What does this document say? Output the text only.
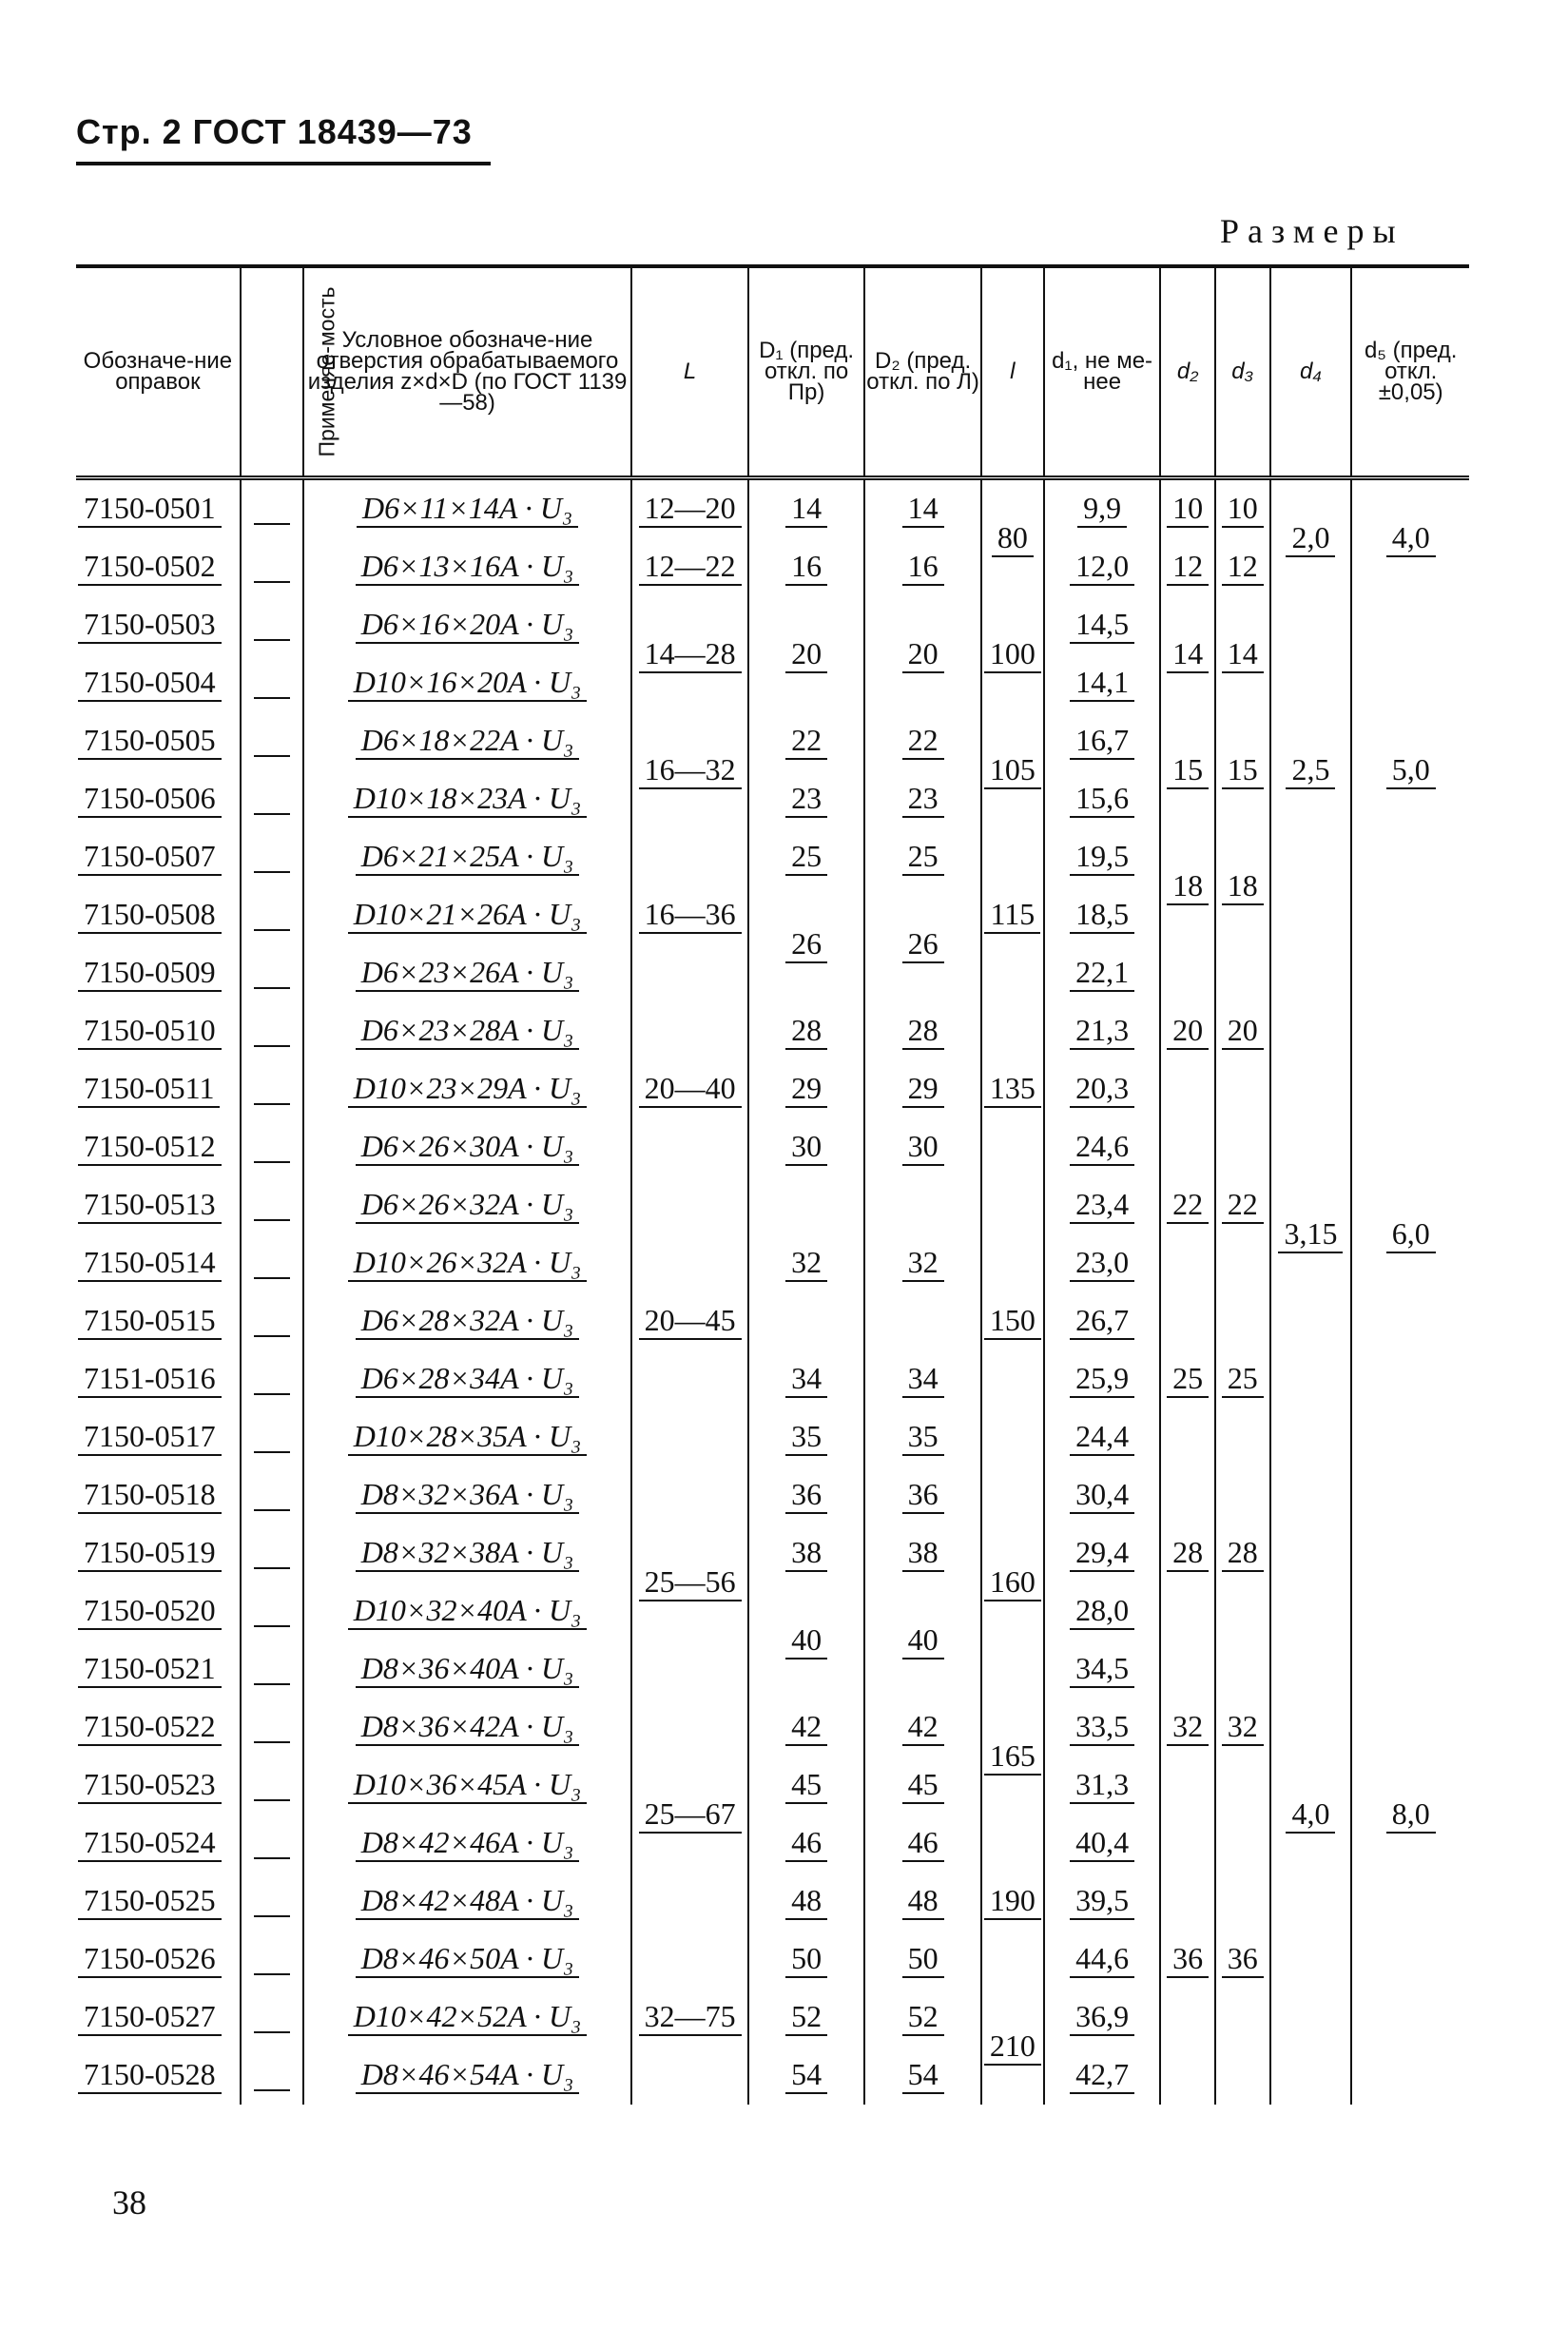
Стр. 2 ГОСТ 18439—73
Размеры
Обозначе-ние оправок	Применяе-мость	Условное обозначе-ние отверстия обрабатываемого изделия z×d×D (по ГОСТ 1139—58)	L	D₁ (пред. откл. по Пр)	D₂ (пред. откл. по Л)	l	d₁, не ме-нее	d₂	d₃	d₄	d₅ (пред. откл. ±0,05)
7150-0501		D6×11×14A · U₃	12—20	14	14	80	9,9	10	10	2,0	4,0
7150-0502		D6×13×16A · U₃	12—22	16	16		12,0	12	12		
7150-0503		D6×16×20A · U₃	14—28	20	20	100	14,5	14	14	2,5	5,0
7150-0504		D10×16×20A · U₃					14,1				
7150-0505		D6×18×22A · U₃	16—32	22	22	105	16,7	15	15		
7150-0506		D10×18×23A · U₃		23	23		15,6				
7150-0507		D6×21×25A · U₃	16—36	25	25	115	19,5	18	18		
7150-0508		D10×21×26A · U₃		26	26		18,5				
7150-0509		D6×23×26A · U₃					22,1	20	20	3,15	6,0
7150-0510		D6×23×28A · U₃	20—40	28	28	135	21,3				
7150-0511		D10×23×29A · U₃		29	29		20,3				
7150-0512		D6×26×30A · U₃		30	30		24,6	22	22		
7150-0513		D6×26×32A · U₃	20—45	32	32	150	23,4				
7150-0514		D10×26×32A · U₃					23,0				
7150-0515		D6×28×32A · U₃					26,7	25	25		
7151-0516		D6×28×34A · U₃		34	34		25,9				
7150-0517		D10×28×35A · U₃		35	35		24,4				
7150-0518		D8×32×36A · U₃	25—56	36	36	160	30,4	28	28		
7150-0519		D8×32×38A · U₃		38	38		29,4			4,0	8,0
7150-0520		D10×32×40A · U₃		40	40		28,0				
7150-0521		D8×36×40A · U₃					34,5	32	32		
7150-0522		D8×36×42A · U₃	25—67	42	42	165	33,5				
7150-0523		D10×36×45A · U₃		45	45		31,3				
7150-0524		D8×42×46A · U₃		46	46	190	40,4	36	36		
7150-0525		D8×42×48A · U₃		48	48		39,5				
7150-0526		D8×46×50A · U₃	32—75	50	50		44,6				
7150-0527		D10×42×52A · U₃		52	52	210	36,9				
7150-0528		D8×46×54A · U₃		54	54		42,7				
38
